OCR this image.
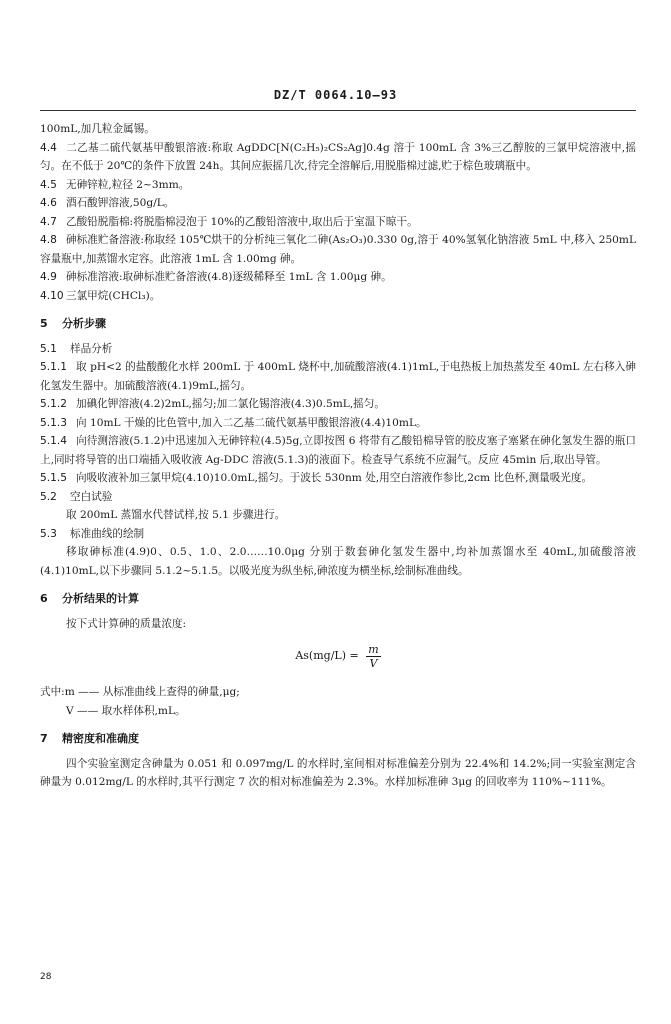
DZ/T 0064.10—93

100mL,加几粒金属锡。

4.4 二乙基二硫代氨基甲酸银溶液:称取 AgDDC[N(C₂H₅)₂CS₂Ag]0.4g 溶于 100mL 含 3%三乙醇胺的三氯甲烷溶液中,摇匀。在不低于 20℃的条件下放置 24h。其间应振摇几次,待完全溶解后,用脱脂棉过滤,贮于棕色玻璃瓶中。

4.5 无砷锌粒,粒径 2~3mm。

4.6 酒石酸钾溶液,50g/L。

4.7 乙酸铅脱脂棉:将脱脂棉浸泡于 10%的乙酸铅溶液中,取出后于室温下晾干。

4.8 砷标准贮备溶液:称取经 105℃烘干的分析纯三氧化二砷(As₂O₃)0.330 0g,溶于 40%氢氧化钠溶液 5mL 中,移入 250mL 容量瓶中,加蒸馏水定容。此溶液 1mL 含 1.00mg 砷。

4.9 砷标准溶液:取砷标准贮备溶液(4.8)逐级稀释至 1mL 含 1.00μg 砷。

4.10 三氯甲烷(CHCl₃)。

5 分析步骤
5.1 样品分析

5.1.1 取 pH<2 的盐酸酸化水样 200mL 于 400mL 烧杯中,加硫酸溶液(4.1)1mL,于电热板上加热蒸发至 40mL 左右移入砷化氢发生器中。加硫酸溶液(4.1)9mL,摇匀。

5.1.2 加碘化钾溶液(4.2)2mL,摇匀;加二氯化锡溶液(4.3)0.5mL,摇匀。

5.1.3 向 10mL 干燥的比色管中,加入二乙基二硫代氨基甲酸银溶液(4.4)10mL。

5.1.4 向待测溶液(5.1.2)中迅速加入无砷锌粒(4.5)5g,立即按图 6 将带有乙酸铅棉导管的胶皮塞子塞紧在砷化氢发生器的瓶口上,同时将导管的出口端插入吸收液 Ag-DDC 溶液(5.1.3)的液面下。检查导气系统不应漏气。反应 45min 后,取出导管。

5.1.5 向吸收液补加三氯甲烷(4.10)10.0mL,摇匀。于波长 530nm 处,用空白溶液作参比,2cm 比色杯,测量吸光度。

5.2 空白试验

取 200mL 蒸馏水代替试样,按 5.1 步骤进行。

5.3 标准曲线的绘制

移取砷标准(4.9)0、0.5、1.0、2.0……10.0μg 分别于数套砷化氢发生器中,均补加蒸馏水至 40mL,加硫酸溶液(4.1)10mL,以下步骤同 5.1.2~5.1.5。以吸光度为纵坐标,砷浓度为横坐标,绘制标准曲线。

6 分析结果的计算

按下式计算砷的质量浓度:

$As(mg/L) = \frac{m}{V}$

式中:m —— 从标准曲线上查得的砷量,μg;

V —— 取水样体积,mL。

7 精密度和准确度

四个实验室测定含砷量为 0.051 和 0.097mg/L 的水样时,室间相对标准偏差分别为 22.4%和 14.2%;同一实验室测定含砷量为 0.012mg/L 的水样时,其平行测定 7 次的相对标准偏差为 2.3%。水样加标准砷 3μg 的回收率为 110%~111%。

28
